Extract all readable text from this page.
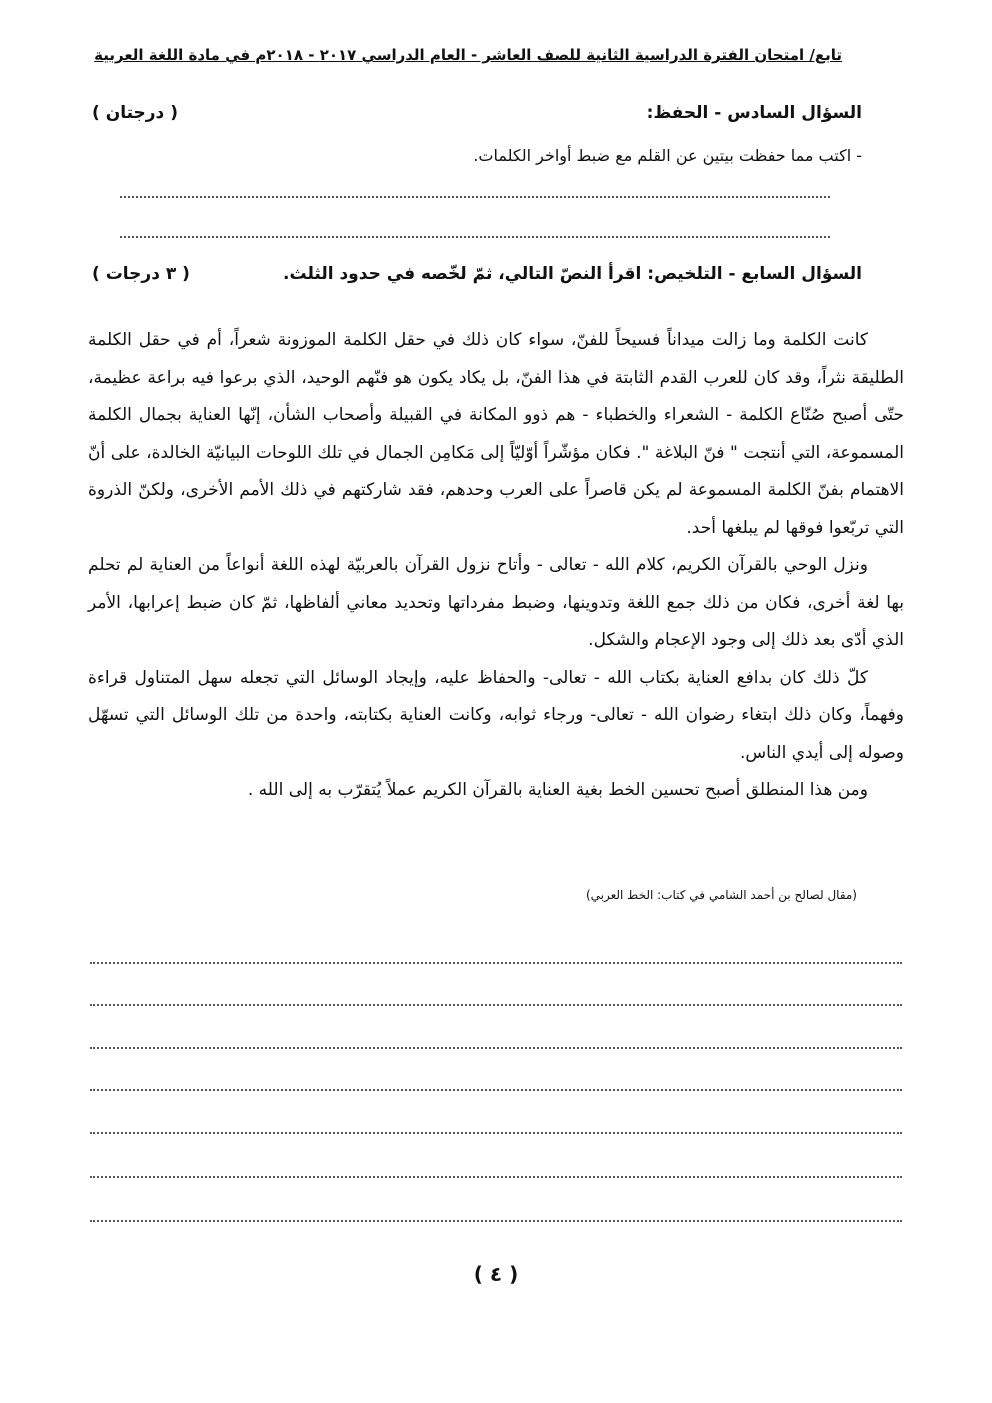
تابع/ امتحان الفترة الدراسية الثانية للصف العاشر - العام الدراسي ٢٠١٧ - ٢٠١٨م في مادة اللغة العربية
السؤال السادس - الحفظ:
( درجتان )
- اكتب مما حفظت بيتين عن القلم مع ضبط أواخر الكلمات.
السؤال السابع - التلخيص: اقرأ النصّ التالي، ثمّ لخّصه في حدود الثلث.
( ٣ درجات )

كانت الكلمة وما زالت ميداناً فسيحاً للفنّ، سواء كان ذلك في حقل الكلمة الموزونة شعراً، أم في حقل الكلمة الطليقة نثراً، وقد كان للعرب القدم الثابتة في هذا الفنّ، بل يكاد يكون هو فنّهم الوحيد، الذي برعوا فيه براعة عظيمة، حتّى أصبح صُنّاع الكلمة - الشعراء والخطباء - هم ذوو المكانة في القبيلة وأصحاب الشأن، إنّها العناية بجمال الكلمة المسموعة، التي أنتجت " فنّ البلاغة ". فكان مؤشّراً أوّليّاً إلى مَكامِن الجمال في تلك اللوحات البيانيّة الخالدة، على أنّ الاهتمام بفنّ الكلمة المسموعة لم يكن قاصراً على العرب وحدهم، فقد شاركتهم في ذلك الأمم الأخرى، ولكنّ الذروة التي تربّعوا فوقها لم يبلغها أحد.

ونزل الوحي بالقرآن الكريم، كلام الله - تعالى - وأتاح نزول القرآن بالعربيّة لهذه اللغة أنواعاً من العناية لم تحلم بها لغة أخرى، فكان من ذلك جمع اللغة وتدوينها، وضبط مفرداتها وتحديد معاني ألفاظها، ثمّ كان ضبط إعرابها، الأمر الذي أدّى بعد ذلك إلى وجود الإعجام والشكل.

كلّ ذلك كان بدافع العناية بكتاب الله - تعالى- والحفاظ عليه، وإيجاد الوسائل التي تجعله سهل المتناول قراءة وفهماً، وكان ذلك ابتغاء رضوان الله - تعالى- ورجاء ثوابه، وكانت العناية بكتابته، واحدة من تلك الوسائل التي تسهّل وصوله إلى أيدي الناس.

ومن هذا المنطلق أصبح تحسين الخط بغية العناية بالقرآن الكريم عملاً يُتقرّب به إلى الله .

(مقال لصالح بن أحمد الشامي في كتاب: الخط العربي)
( ٤ )
